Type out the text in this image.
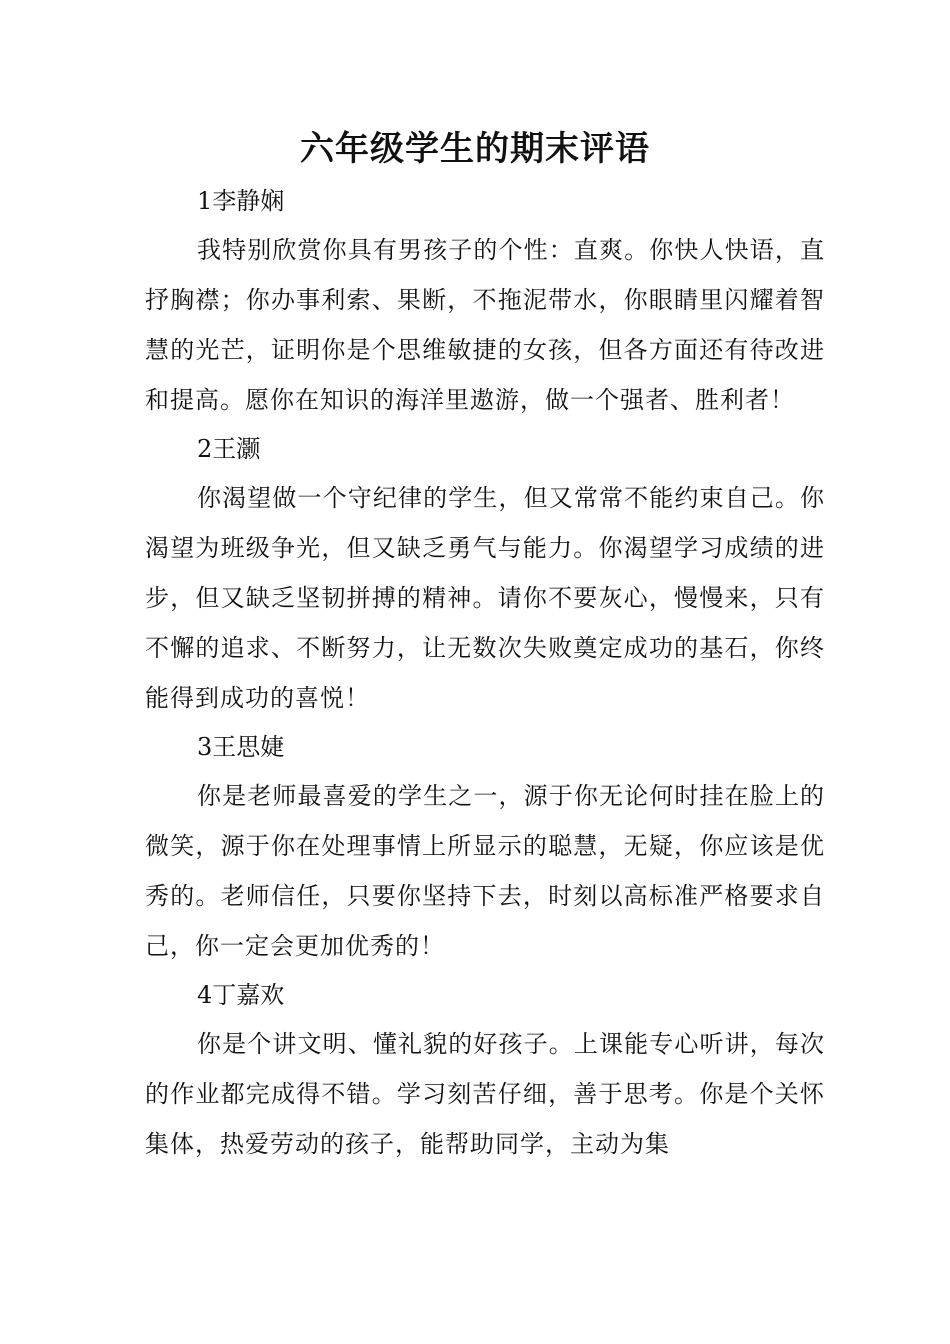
六年级学生的期末评语
1李静娴

我特别欣赏你具有男孩子的个性：直爽。你快人快语，直抒胸襟；你办事利索、果断，不拖泥带水，你眼睛里闪耀着智慧的光芒，证明你是个思维敏捷的女孩，但各方面还有待改进和提高。愿你在知识的海洋里遨游，做一个强者、胜利者！

2王灏

你渴望做一个守纪律的学生，但又常常不能约束自己。你渴望为班级争光，但又缺乏勇气与能力。你渴望学习成绩的进步，但又缺乏坚韧拼搏的精神。请你不要灰心，慢慢来，只有不懈的追求、不断努力，让无数次失败奠定成功的基石，你终能得到成功的喜悦！

3王思婕

你是老师最喜爱的学生之一，源于你无论何时挂在脸上的微笑，源于你在处理事情上所显示的聪慧，无疑，你应该是优秀的。老师信任，只要你坚持下去，时刻以高标准严格要求自己，你一定会更加优秀的！

4丁嘉欢

你是个讲文明、懂礼貌的好孩子。上课能专心听讲，每次的作业都完成得不错。学习刻苦仔细，善于思考。你是个关怀集体，热爱劳动的孩子，能帮助同学，主动为集
